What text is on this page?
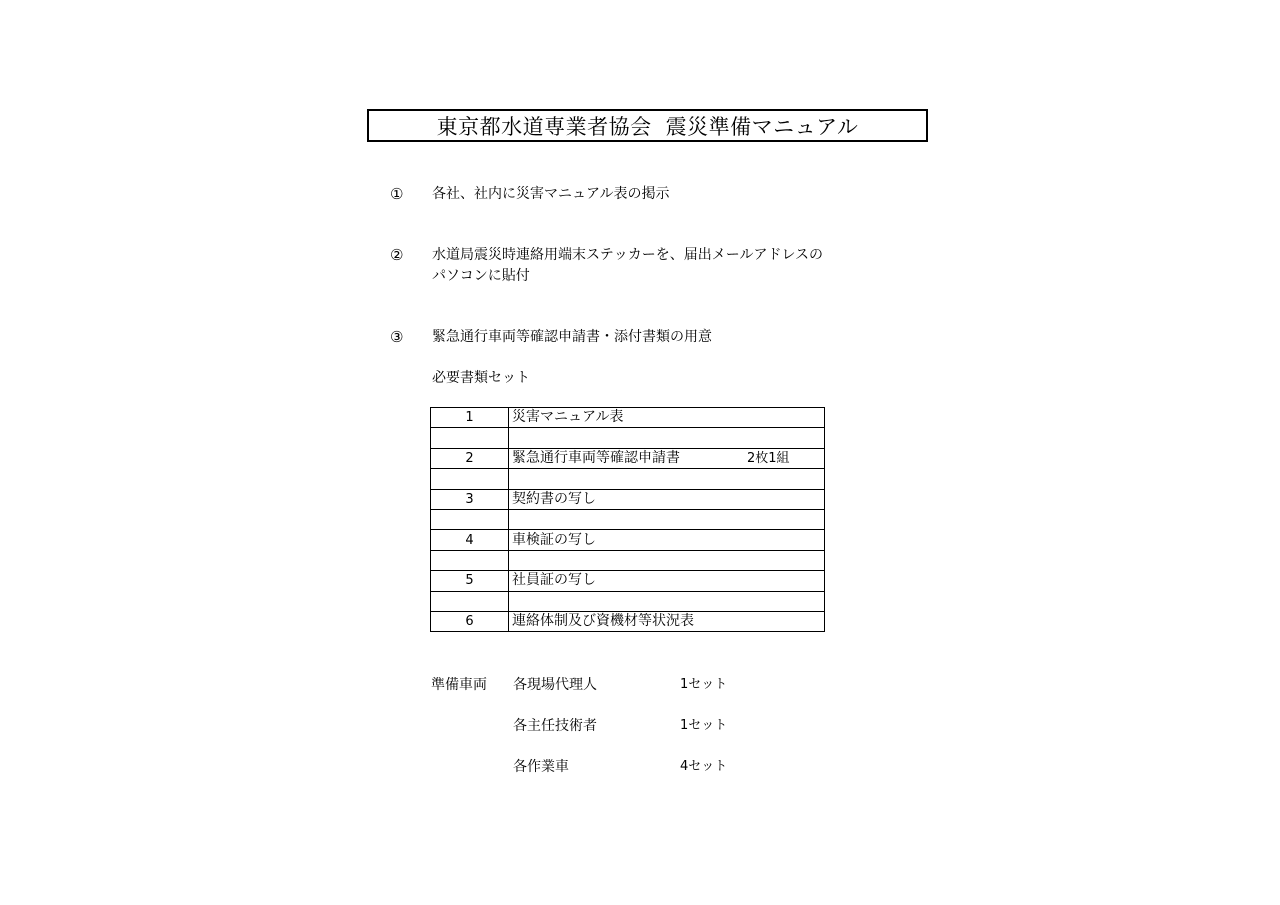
東京都水道専業者協会 震災準備マニュアル
① 各社、社内に災害マニュアル表の掲示
② 水道局震災時連絡用端末ステッカーを、届出メールアドレスの
パソコンに貼付
③ 緊急通行車両等確認申請書・添付書類の用意
必要書類セット
1	災害マニュアル表

2	緊急通行車両等確認申請書 2枚1組

3	契約書の写し

4	車検証の写し

5	社員証の写し

6	連絡体制及び資機材等状況表
準備車両 各現場代理人	1セット
各主任技術者	1セット
各作業車	4セット
